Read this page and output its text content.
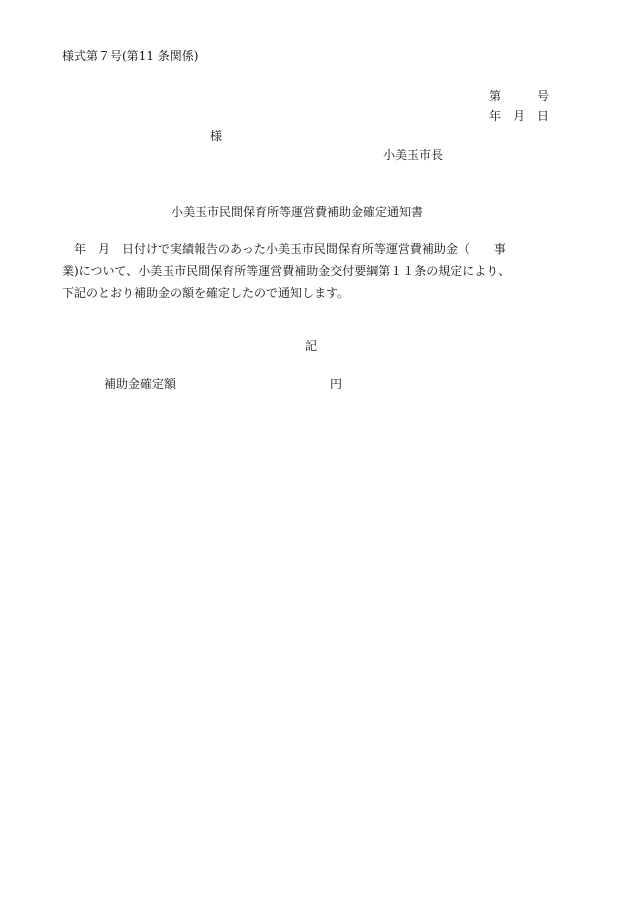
様式第７号(第11 条関係)
第　　　号
年　月　日
様
小美玉市長
小美玉市民間保育所等運営費補助金確定通知書
　年　月　日付けで実績報告のあった小美玉市民間保育所等運営費補助金（　　事
業)について、小美玉市民間保育所等運営費補助金交付要綱第１１条の規定により、
下記のとおり補助金の額を確定したので通知します。
記
補助金確定額	円
